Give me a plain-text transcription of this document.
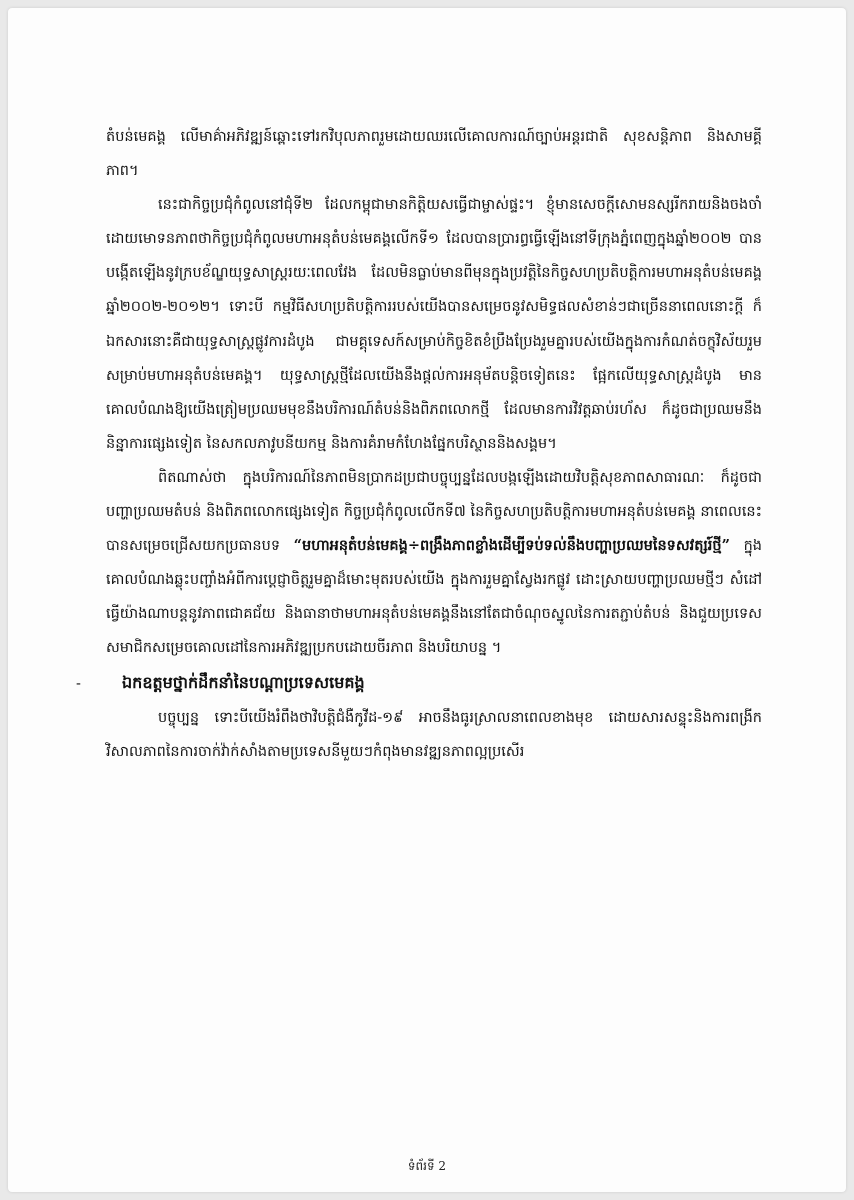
តំបន់មេគង្គ លើមាគ៌ាអភិវឌ្ឍន៍ឆ្ពោះទៅរកវិបុលភាពរួមដោយឈរលើគោលការណ៍ច្បាប់អន្តរជាតិ សុខសន្តិភាព និងសាមគ្គីភាព។

នេះជាកិច្ចប្រជុំកំពូលនៅជុំទី២ ដែលកម្ពុជាមានកិត្តិយសធ្វើជាម្ចាស់ផ្ទះ។ ខ្ញុំមានសេចក្តីសោមនស្សរីករាយនិងចងចាំដោយមោទនភាពថាកិច្ចប្រជុំកំពូលមហាអនុតំបន់មេគង្គលើកទី១ ដែលបានប្រារព្ធធ្វើឡើងនៅទីក្រុងភ្នំពេញក្នុងឆ្នាំ២០០២ បានបង្កើតឡើងនូវក្របខ័ណ្ឌយុទ្ធសាស្ត្ររយៈពេលវែង ដែលមិនធ្លាប់មានពីមុនក្នុងប្រវត្តិនៃកិច្ចសហប្រតិបត្តិការមហាអនុតំបន់មេគង្គឆ្នាំ២០០២-២០១២។ ទោះបី កម្មវិធីសហប្រតិបត្តិការរបស់យើងបានសម្រេចនូវសមិទ្ធផលសំខាន់ៗជាច្រើននាពេលនោះក្តី ក៏ឯកសារនោះគឺជាយុទ្ធសាស្ត្រផ្លូវការដំបូង ជាមគ្គុទេសក៍សម្រាប់កិច្ចខិតខំប្រឹងប្រែងរួមគ្នារបស់យើងក្នុងការកំណត់ចក្ខុវិស័យរួមសម្រាប់មហាអនុតំបន់មេគង្គ។ យុទ្ធសាស្ត្រថ្មីដែលយើងនឹងផ្តល់ការអនុម័តបន្តិចទៀតនេះ ផ្អែកលើយុទ្ធសាស្ត្រដំបូង មានគោលបំណងឱ្យយើងត្រៀមប្រឈមមុខនឹងបរិការណ៍តំបន់និងពិភពលោកថ្មី ដែលមានការវិវត្តឆាប់រហ័ស ក៏ដូចជាប្រឈមនឹងនិន្នាការផ្សេងទៀត នៃសកលភាវូបនីយកម្ម និងការគំរាមកំហែងផ្នែកបរិស្ថាននិងសង្គម។

ពិតណាស់ថា ក្នុងបរិការណ៍នៃភាពមិនប្រាកដប្រជាបច្ចុប្បន្នដែលបង្កឡើងដោយវិបត្តិសុខភាពសាធារណៈ ក៏ដូចជាបញ្ហាប្រឈមតំបន់ និងពិភពលោកផ្សេងទៀត កិច្ចប្រជុំកំពូលលើកទី៧ នៃកិច្ចសហប្រតិបត្តិការមហាអនុតំបន់មេគង្គ នាពេលនេះបានសម្រេចជ្រើសយកប្រធានបទ “មហាអនុតំបន់មេគង្គ÷ពង្រឹងភាពខ្លាំងដើម្បីទប់ទល់នឹងបញ្ហាប្រឈមនៃទសវត្សរ៍ថ្មី” ក្នុងគោលបំណងឆ្លុះបញ្ចាំងអំពីការប្តេជ្ញាចិត្តរួមគ្នាដ៏មោះមុតរបស់យើង ក្នុងការរួមគ្នាស្វែងរកផ្លូវ ដោះស្រាយបញ្ហាប្រឈមថ្មីៗ សំដៅធ្វើយ៉ាងណាបន្តនូវភាពជោគជ័យ និងធានាថាមហាអនុតំបន់មេគង្គនឹងនៅតែជាចំណុចស្នូលនៃការតភ្ជាប់តំបន់ និងជួយប្រទេសសមាជិកសម្រេចគោលដៅនៃការអភិវឌ្ឍប្រកបដោយចីរភាព និងបរិយាបន្ន ។

-	ឯកឧត្តមថ្នាក់ដឹកនាំនៃបណ្តាប្រទេសមេគង្គ

បច្ចុប្បន្ន ទោះបីយើងរំពឹងថាវិបត្តិជំងឺកូវីដ-១៩ អាចនឹងធូរស្រាលនាពេលខាងមុខ ដោយសារសន្ទុះនិងការពង្រីកវិសាលភាពនៃការចាក់វ៉ាក់សាំងតាមប្រទេសនីមួយៗកំពុងមានវឌ្ឍនភាពល្អប្រសើរ

ទំព័រទី 2
